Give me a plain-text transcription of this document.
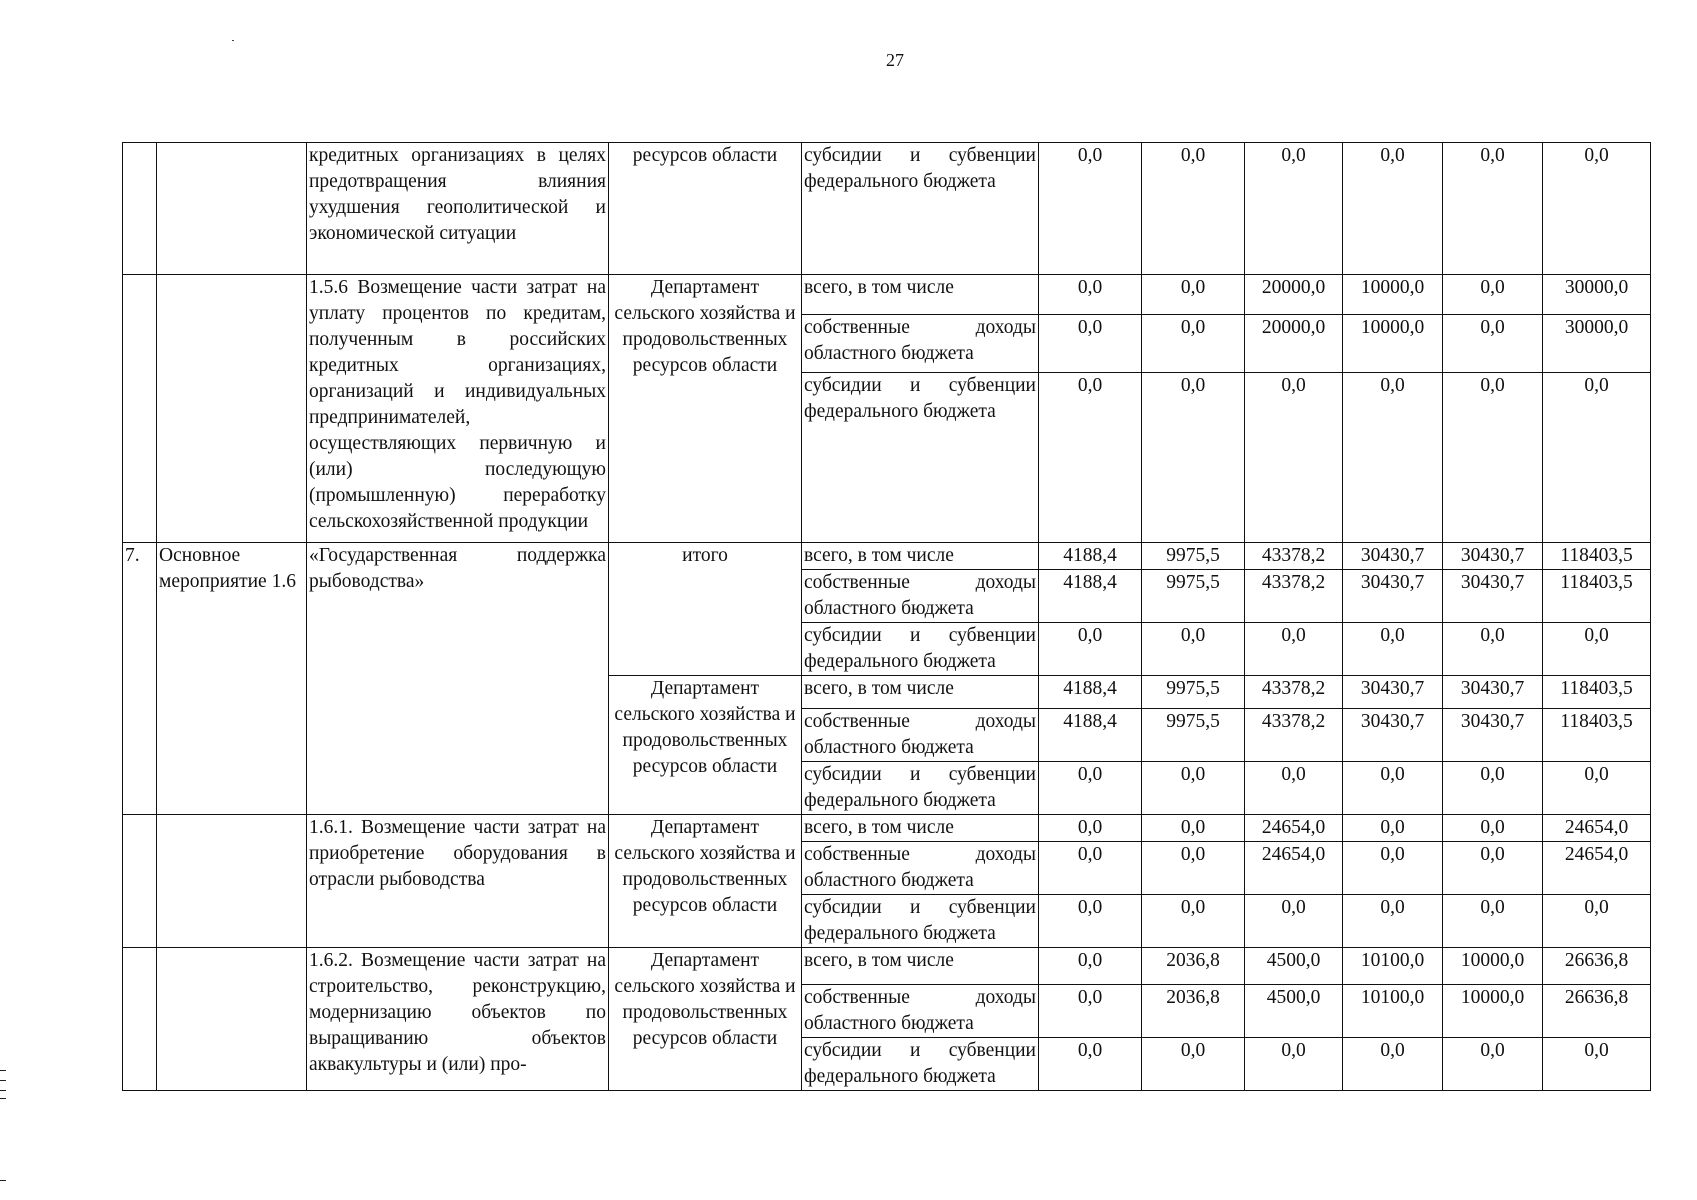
27
		кредитных организациях в целях предотвращения влияния ухудшения геополитической и экономической ситуации	ресурсов области	субсидии и субвенции федерального бюджета	0,0	0,0	0,0	0,0	0,0	0,0
		1.5.6 Возмещение части затрат на уплату процентов по кредитам, полученным в российских кредитных организациях, организаций и индивидуальных предпринимателей, осуществляющих первичную и (или) последующую (промышленную) переработку сельскохозяйственной продукции	Департамент сельского хозяйства и продовольственных ресурсов области	всего, в том числе	0,0	0,0	20000,0	10000,0	0,0	30000,0
				собственные доходы областного бюджета	0,0	0,0	20000,0	10000,0	0,0	30000,0
				субсидии и субвенции федерального бюджета	0,0	0,0	0,0	0,0	0,0	0,0
7.	Основное мероприятие 1.6	«Государственная поддержка рыбоводства»	итого	всего, в том числе	4188,4	9975,5	43378,2	30430,7	30430,7	118403,5
				собственные доходы областного бюджета	4188,4	9975,5	43378,2	30430,7	30430,7	118403,5
				субсидии и субвенции федерального бюджета	0,0	0,0	0,0	0,0	0,0	0,0
			Департамент сельского хозяйства и продовольственных ресурсов области	всего, в том числе	4188,4	9975,5	43378,2	30430,7	30430,7	118403,5
				собственные доходы областного бюджета	4188,4	9975,5	43378,2	30430,7	30430,7	118403,5
				субсидии и субвенции федерального бюджета	0,0	0,0	0,0	0,0	0,0	0,0
		1.6.1. Возмещение части затрат на приобретение оборудования в отрасли рыбоводства	Департамент сельского хозяйства и продовольственных ресурсов области	всего, в том числе	0,0	0,0	24654,0	0,0	0,0	24654,0
				собственные доходы областного бюджета	0,0	0,0	24654,0	0,0	0,0	24654,0
				субсидии и субвенции федерального бюджета	0,0	0,0	0,0	0,0	0,0	0,0
		1.6.2. Возмещение части затрат на строительство, реконструкцию, модернизацию объектов по выращиванию объектов аквакультуры и (или) про-	Департамент сельского хозяйства и продовольственных ресурсов области	всего, в том числе	0,0	2036,8	4500,0	10100,0	10000,0	26636,8
				собственные доходы областного бюджета	0,0	2036,8	4500,0	10100,0	10000,0	26636,8
				субсидии и субвенции федерального бюджета	0,0	0,0	0,0	0,0	0,0	0,0
